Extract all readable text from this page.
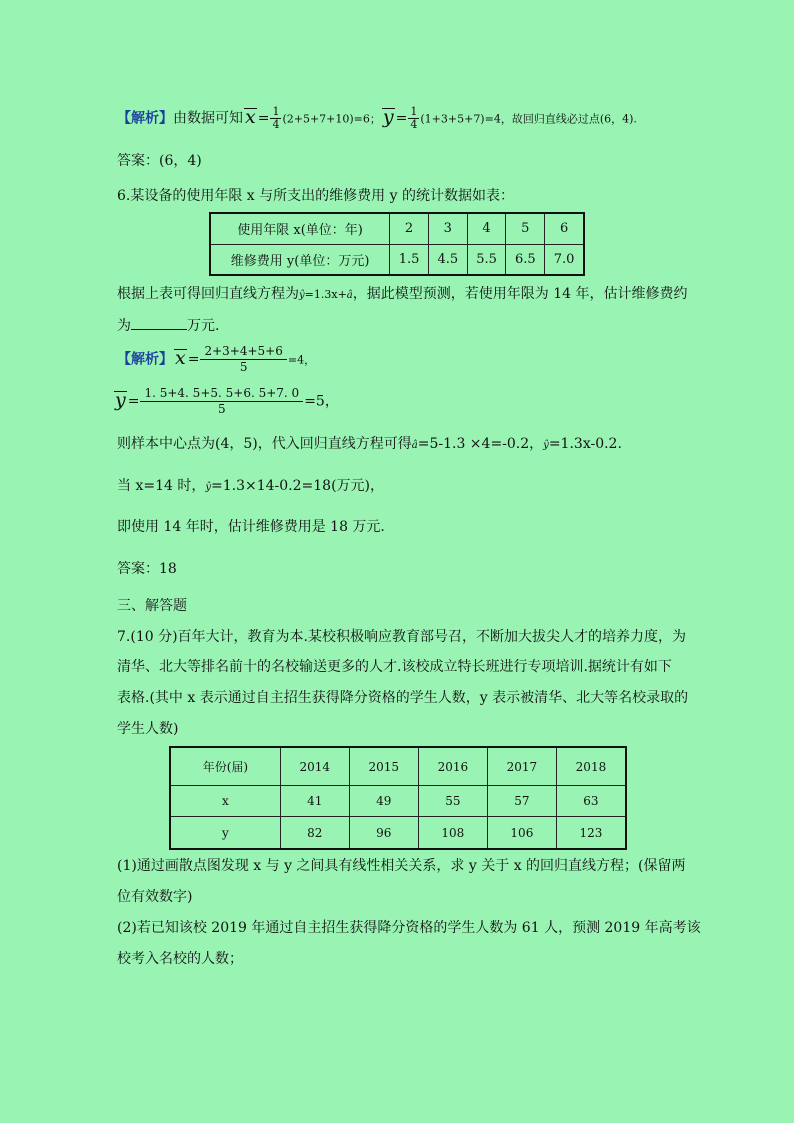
【解析】由数据可知 $x = \frac{1}{4} (2+5+7+10)=6$； $y = \frac{1}{4} (1+3+5+7)=4$，故回归直线必过点(6，4).
答案：(6，4)
6.某设备的使用年限 x 与所支出的维修费用 y 的统计数据如表：
使用年限 x(单位：年)	2	3	4	5	6
维修费用 y(单位：万元)	1.5	4.5	5.5	6.5	7.0
根据上表可得回归直线方程为ŷ=1.3x+â，据此模型预测，若使用年限为 14 年，估计维修费约
为	万元.
【解析】 $x = \frac{2+3+4+5+6}{5} =4$，
$y = \frac{1. 5+4. 5+5. 5+6. 5+7. 0}{5} =5$，
则样本中心点为(4，5)，代入回归直线方程可得â=5-1.3 ×4=-0.2，ŷ=1.3x-0.2.
当 x=14 时，ŷ=1.3×14-0.2=18(万元)，
即使用 14 年时，估计维修费用是 18 万元.
答案：18
三、解答题
7.(10 分)百年大计，教育为本.某校积极响应教育部号召，不断加大拔尖人才的培养力度，为
清华、北大等排名前十的名校输送更多的人才.该校成立特长班进行专项培训.据统计有如下
表格.(其中 x 表示通过自主招生获得降分资格的学生人数，y 表示被清华、北大等名校录取的
学生人数)
年份(届)	2014	2015	2016	2017	2018
x	41	49	55	57	63
y	82	96	108	106	123
(1)通过画散点图发现 x 与 y 之间具有线性相关关系，求 y 关于 x 的回归直线方程；(保留两
位有效数字)
(2)若已知该校 2019 年通过自主招生获得降分资格的学生人数为 61 人，预测 2019 年高考该
校考入名校的人数；
